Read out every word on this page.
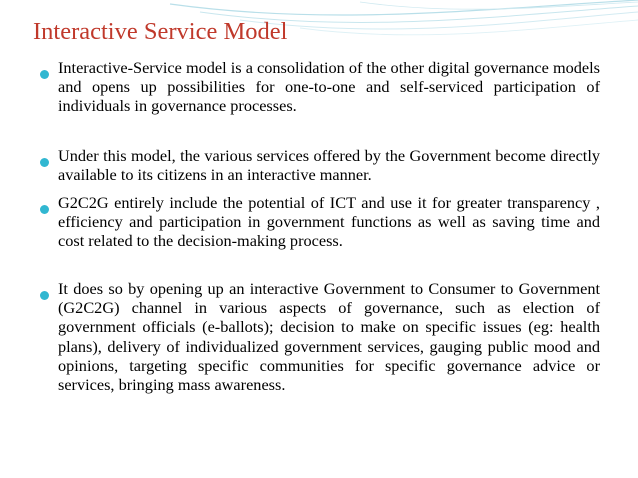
Interactive Service Model

Interactive-Service model is a consolidation of the other digital governance models and opens up possibilities for one-to-one and self-serviced participation of individuals in governance processes.

Under this model, the various services offered by the Government become directly available to its citizens in an interactive manner.

G2C2G entirely include the potential of ICT and use it for greater transparency , efficiency and participation in government functions as well as saving time and cost related to the decision-making process.

It does so by opening up an interactive Government to Consumer to Government (G2C2G) channel in various aspects of governance, such as election of government officials (e-ballots); decision to make on specific issues (eg: health plans), delivery of individualized government services, gauging public mood and opinions, targeting specific communities for specific governance advice or services, bringing mass awareness.
